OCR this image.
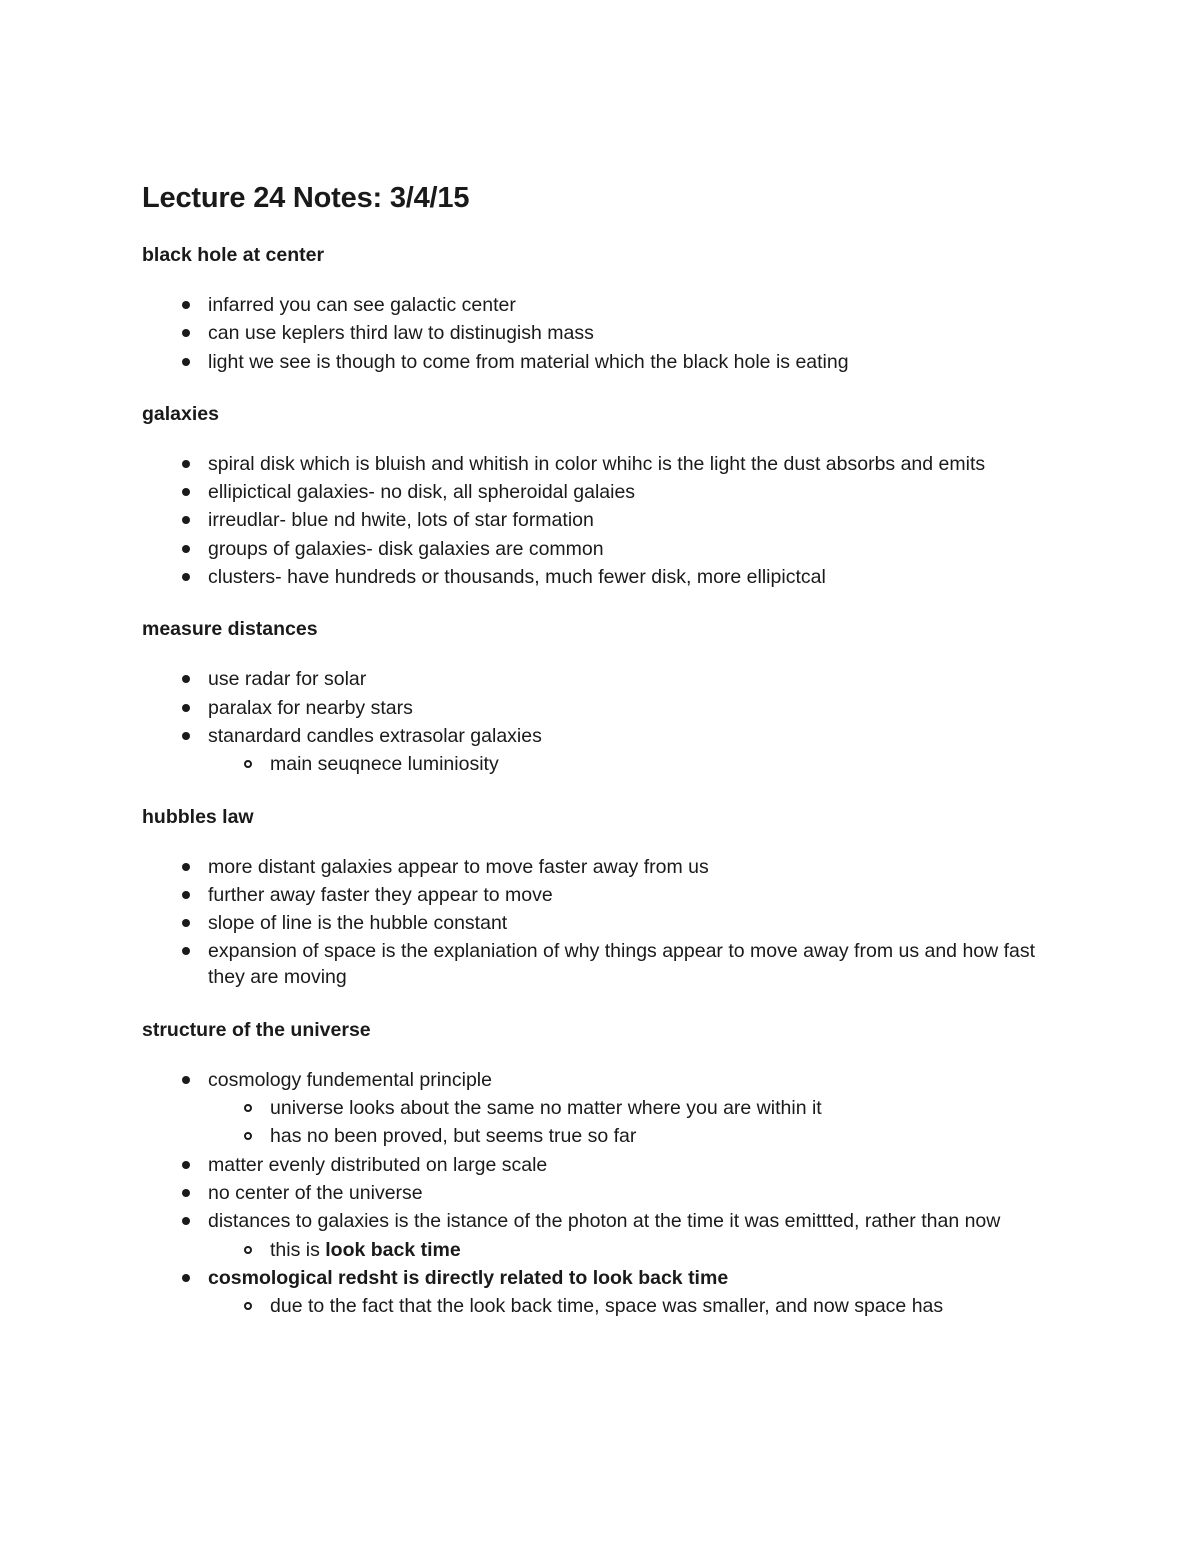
Lecture 24 Notes: 3/4/15
black hole at center
infarred you can see galactic center
can use keplers third law to distinugish mass
light we see is though to come from material which the black hole is eating
galaxies
spiral disk which is bluish and whitish in color whihc is the light the dust absorbs and emits
ellipictical galaxies- no disk, all spheroidal galaies
irreudlar- blue nd hwite, lots of star formation
groups of galaxies- disk galaxies are common
clusters- have hundreds or thousands, much fewer disk, more ellipictcal
measure distances
use radar for solar
paralax for nearby stars
stanardard candles extrasolar galaxies
main seuqnece luminiosity
hubbles law
more distant galaxies appear to move faster away from us
further away faster they appear to move
slope of line is the hubble constant
expansion of space is the explaniation of why things appear to move away from us and how fast they are moving
structure of the universe
cosmology fundemental principle
universe looks about the same no matter where you are within it
has no been proved, but seems true so far
matter evenly distributed on large scale
no center of the universe
distances to galaxies is the istance of the photon at the time it was emittted, rather than now
this is look back time
cosmological redsht is directly related to look back time
due to the fact that the look back time, space was smaller, and now space has
